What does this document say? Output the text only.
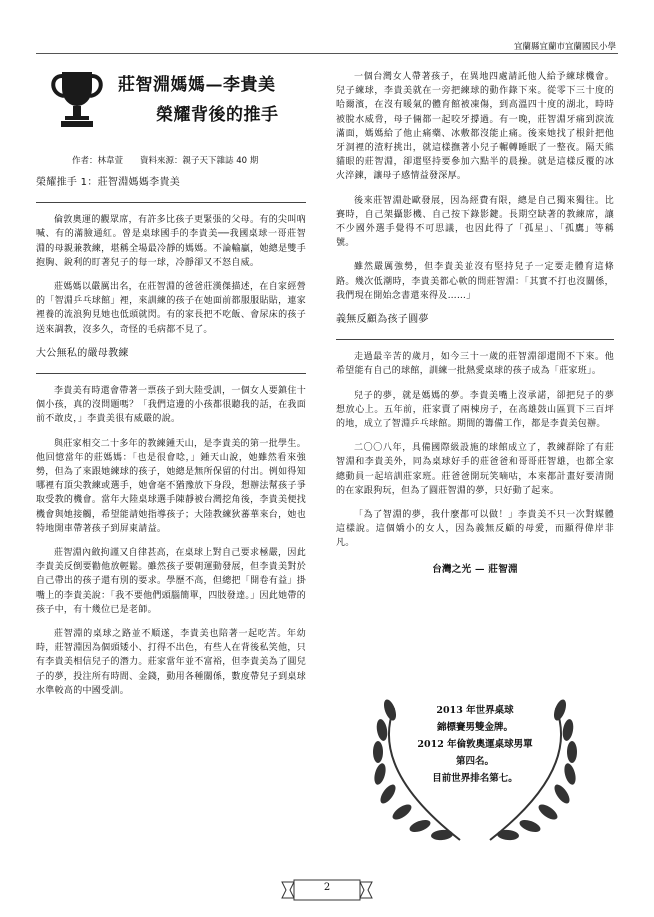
宜蘭縣宜蘭市宜蘭國民小學
莊智淵媽媽—李貴美
榮耀背後的推手
作者：林韋萱　　資料來源：親子天下雜誌 40 期
榮耀推手 1：莊智淵媽媽李貴美

倫敦奧運的觀眾席，有許多比孩子更緊張的父母。有的尖叫吶喊、有的滿臉通紅。曾是桌球國手的李貴美──我國桌球一哥莊智淵的母親兼教練，堪稱全場最冷靜的媽媽。不論輸贏，她總是雙手抱胸、銳利的盯著兒子的每一球，冷靜卻又不怒自威。

莊媽媽以嚴厲出名，在莊智淵的爸爸莊漢傑描述，在自家經營的「智淵乒乓球館」裡，來訓練的孩子在她面前都服服貼貼，連家裡養的流浪狗見她也低頭就閃。有的家長把不吃飯、會尿床的孩子送來調教，沒多久，奇怪的毛病都不見了。

大公無私的嚴母教練

李貴美有時還會帶著一票孩子到大陸受訓，一個女人要鎮住十個小孩，真的沒問題嗎？「我們這邊的小孩都很聽我的話，在我面前不敢皮，」李貴美很有威嚴的說。

與莊家相交二十多年的教練鍾天山，是李貴美的第一批學生。他回憶當年的莊媽媽：「也是很會唸，」鍾天山說，她雖然看來強勢，但為了來跟她練球的孩子，她總是無所保留的付出。例如得知哪裡有頂尖教練或選手，她會毫不猶豫放下身段，想辦法幫孩子爭取受教的機會。當年大陸桌球選手陳靜被台灣挖角後，李貴美便找機會與她接觸，希望能請她指導孩子；大陸教練狄蕃華來台，她也特地開車帶著孩子到屏東請益。

莊智淵內斂拘謹又自律甚高，在桌球上對自己要求極嚴，因此李貴美反倒要勸他放輕鬆。雖然孩子要朝運動發展，但李貴美對於自己帶出的孩子還有別的要求。學歷不高，但總把「開卷有益」掛嘴上的李貴美說：「我不要他們頭腦簡單，四肢發達。」因此她帶的孩子中，有十幾位已是老師。

莊智淵的桌球之路並不順遂，李貴美也陪著一起吃苦。年幼時，莊智淵因為個頭矮小、打得不出色，有些人在背後私笑他，只有李貴美相信兒子的潛力。莊家當年並不富裕，但李貴美為了圓兒子的夢，投注所有時間、金錢，動用各種關係，數度帶兒子到桌球水準較高的中國受訓。

一個台灣女人帶著孩子，在異地四處請託他人給予練球機會。兒子練球，李貴美就在一旁把練球的動作錄下來。從零下三十度的哈爾濱，在沒有暖氣的體育館被凍傷，到高溫四十度的湖北，時時被脫水威脅，母子倆都一起咬牙撐過。有一晚，莊智淵牙痛到淚流滿面，媽媽給了他止痛藥、冰敷都沒能止痛。後來她找了根針把他牙洞裡的渣籽挑出，就這樣撫著小兒子輾轉睡眠了一整夜。隔天熊貓眼的莊智淵，卻還堅持要參加六點半的晨操。就是這樣反覆的冰火淬鍊，讓母子感情益發深厚。

後來莊智淵赴歐發展，因為經費有限，總是自己獨來獨往。比賽時，自己架攝影機、自己按下錄影鍵。長期空缺著的教練席，讓不少國外選手覺得不可思議，也因此得了「孤星」、「孤鷹」等稱號。

雖然嚴厲強勢，但李貴美並沒有堅持兒子一定要走體育這條路。幾次低潮時，李貴美都心軟的問莊智淵：「其實不打也沒關係，我們現在開始念書還來得及……」

義無反顧為孩子圓夢

走過最辛苦的歲月，如今三十一歲的莊智淵卻還閒不下來。他希望能有自己的球館，訓練一批熱愛桌球的孩子成為「莊家班」。

兒子的夢，就是媽媽的夢。李貴美嘴上沒承諾，卻把兒子的夢想放心上。五年前，莊家賣了兩棟房子，在高雄鼓山區買下三百坪的地，成立了智淵乒乓球館。期間的籌備工作，都是李貴美包辦。

二〇〇八年，具備國際級設施的球館成立了，教練群除了有莊智淵和李貴美外，同為桌球好手的莊爸爸和哥哥莊智雄，也都全家總動員一起培訓莊家班。莊爸爸開玩笑嘀咕，本來都計畫好要清閒的在家跟狗玩，但為了圓莊智淵的夢，只好動了起來。

「為了智淵的夢，我什麼都可以做！」李貴美不只一次對媒體這樣說。這個嬌小的女人，因為義無反顧的母愛，而顯得偉岸非凡。

台灣之光 — 莊智淵
2013 年世界桌球
錦標賽男雙金牌。
2012 年倫敦奧運桌球男單
第四名。
目前世界排名第七。
2
